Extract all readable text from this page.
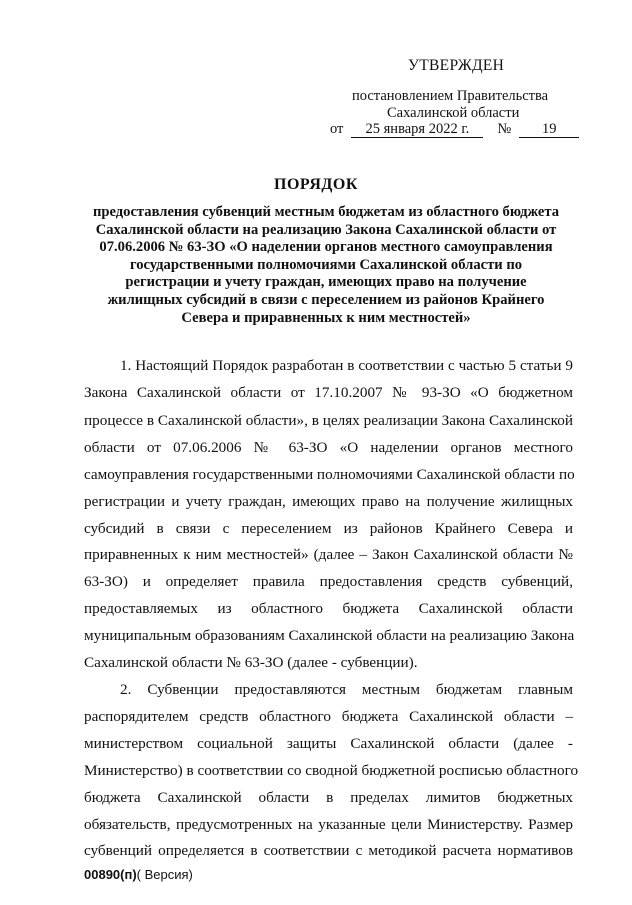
УТВЕРЖДЕН
постановлением Правительства
Сахалинской области
от 25 января 2022 г. № 19
ПОРЯДОК
предоставления субвенций местным бюджетам из областного бюджета
Сахалинской области на реализацию Закона Сахалинской области от
07.06.2006 № 63-ЗО «О наделении органов местного самоуправления
государственными полномочиями Сахалинской области по
регистрации и учету граждан, имеющих право на получение
жилищных субсидий в связи с переселением из районов Крайнего
Севера и приравненных к ним местностей»
1. Настоящий Порядок разработан в соответствии с частью 5 статьи 9
Закона Сахалинской области от 17.10.2007 № 93-ЗО «О бюджетном
процессе в Сахалинской области», в целях реализации Закона Сахалинской
области от 07.06.2006 № 63-ЗО «О наделении органов местного
самоуправления государственными полномочиями Сахалинской области по
регистрации и учету граждан, имеющих право на получение жилищных
субсидий в связи с переселением из районов Крайнего Севера и
приравненных к ним местностей» (далее – Закон Сахалинской области №
63-ЗО) и определяет правила предоставления средств субвенций,
предоставляемых из областного бюджета Сахалинской области
муниципальным образованиям Сахалинской области на реализацию Закона
Сахалинской области № 63-ЗО (далее - субвенции).
2. Субвенции предоставляются местным бюджетам главным
распорядителем средств областного бюджета Сахалинской области –
министерством социальной защиты Сахалинской области (далее -
Министерство) в соответствии со сводной бюджетной росписью областного
бюджета Сахалинской области в пределах лимитов бюджетных
обязательств, предусмотренных на указанные цели Министерству. Размер
субвенций определяется в соответствии с методикой расчета нормативов
00890(п)( Версия)
